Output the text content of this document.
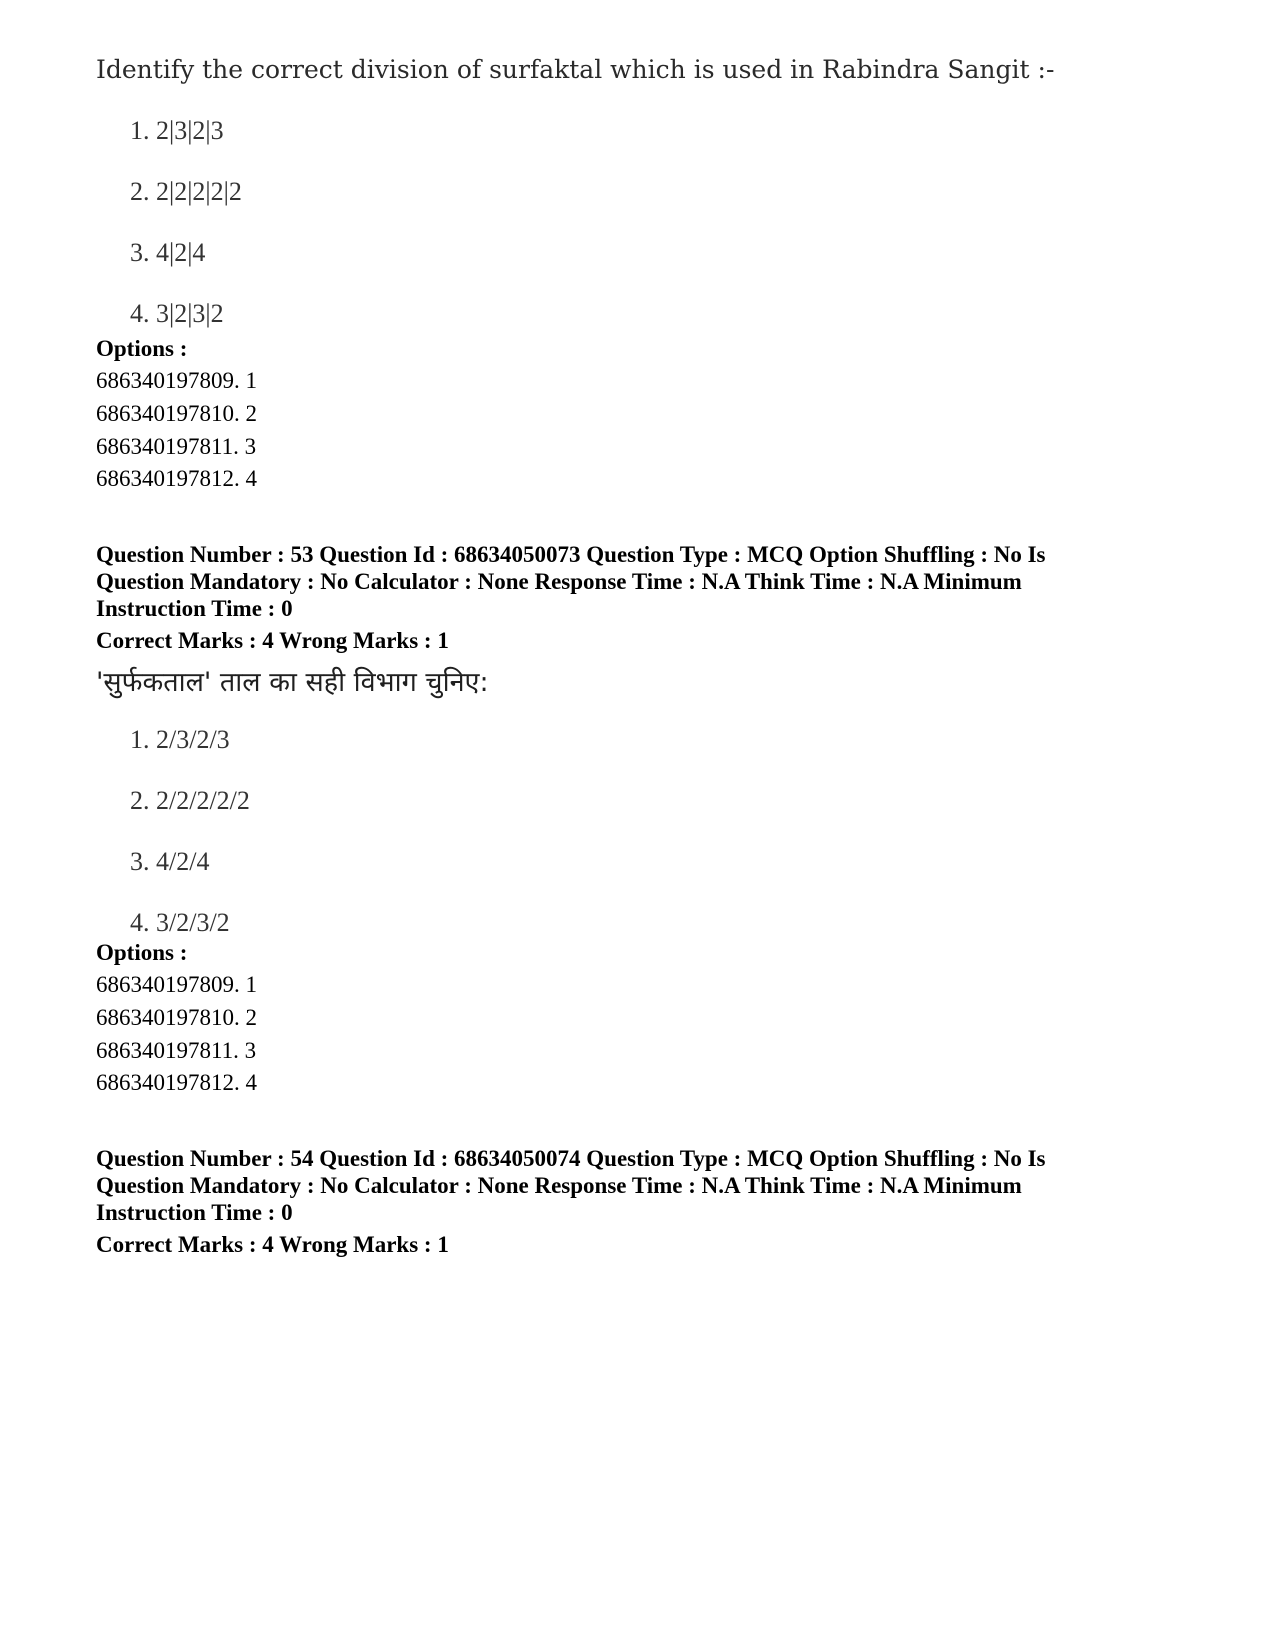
Identify the correct division of surfaktal which is used in Rabindra Sangit :-
1. 2|3|2|3
2. 2|2|2|2|2
3. 4|2|4
4. 3|2|3|2
Options :
686340197809. 1
686340197810. 2
686340197811. 3
686340197812. 4
Question Number : 53 Question Id : 68634050073 Question Type : MCQ Option Shuffling : No Is
Question Mandatory : No Calculator : None Response Time : N.A Think Time : N.A Minimum
Instruction Time : 0
Correct Marks : 4 Wrong Marks : 1
'सुर्फकताल' ताल का सही विभाग चुनिए:
1. 2/3/2/3
2. 2/2/2/2/2
3. 4/2/4
4. 3/2/3/2
Options :
686340197809. 1
686340197810. 2
686340197811. 3
686340197812. 4
Question Number : 54 Question Id : 68634050074 Question Type : MCQ Option Shuffling : No Is
Question Mandatory : No Calculator : None Response Time : N.A Think Time : N.A Minimum
Instruction Time : 0
Correct Marks : 4 Wrong Marks : 1
